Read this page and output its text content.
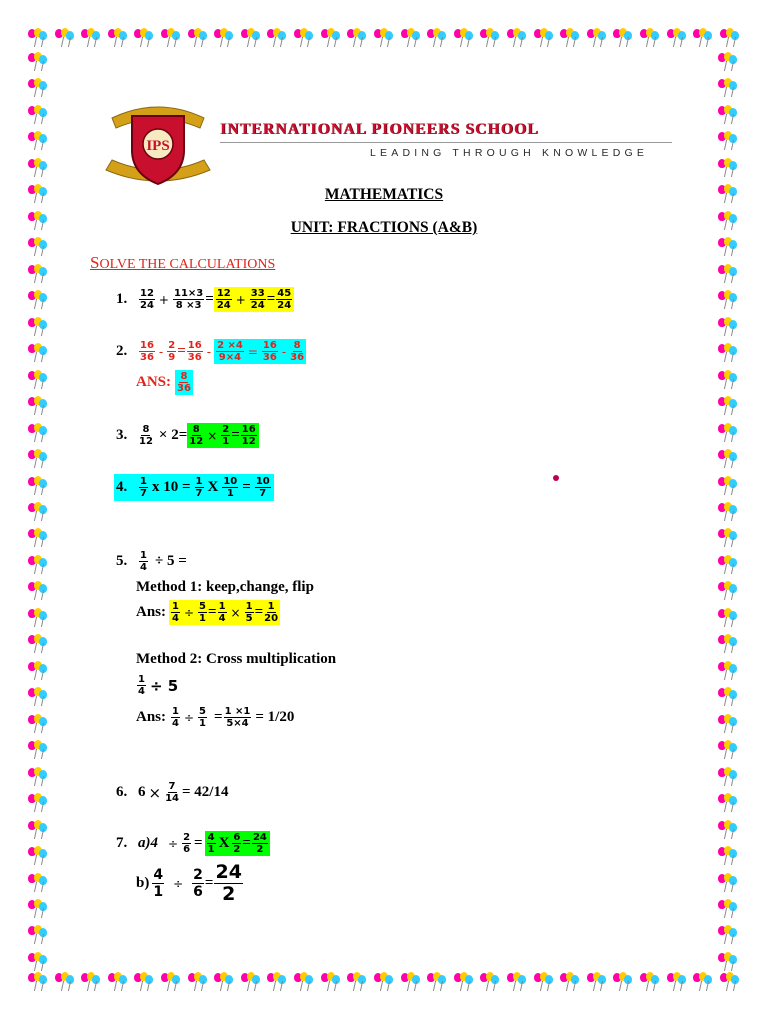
IPS
INTERNATIONAL PIONEERS SCHOOL
LEADING THROUGH KNOWLEDGE
MATHEMATICS
UNIT: FRACTIONS (A&B)
SOLVE THE CALCULATIONS
1.	$\frac{12}{24} + \frac{11\times 3}{8 \times 3} = \frac{12}{24} + \frac{33}{24} = \frac{45}{24}$
2.	$\frac{16}{36} - \frac{2}{9} = \frac{16}{36} - \frac{2 \times 4}{9\times 4} = \frac{16}{36} - \frac{8}{36}$
ANS: $\frac{8}{36}$
3.	$\frac{8}{12} \times 2= \frac{8}{12} \times \frac{2}{1} = \frac{16}{12}$
4.	$\frac{1}{7}$ x $10 = \frac{1}{7}$ X $\frac{10}{1} = \frac{10}{7}$
5.	$\frac{1}{4} \div 5$ =
Method 1: keep,change, flip
Ans: $\frac{1}{4} \div \frac{5}{1} = \frac{1}{4} \times \frac{1}{5} = \frac{1}{20}$
Method 2: Cross multiplication
$\frac{1}{4} \div 5$
Ans: $\frac{1}{4} \div \frac{5}{1} = \frac{1 \times 1}{5\times 4} = 1/20$
6. $6 \times \frac{7}{14} = 42/14$
7. $a)4 \div \frac{2}{6} = \frac{4}{1}$ X $\frac{6}{2} = \frac{24}{2}$
$b) \frac{4}{1} \div \frac{2}{6} = \frac{24}{2}$
